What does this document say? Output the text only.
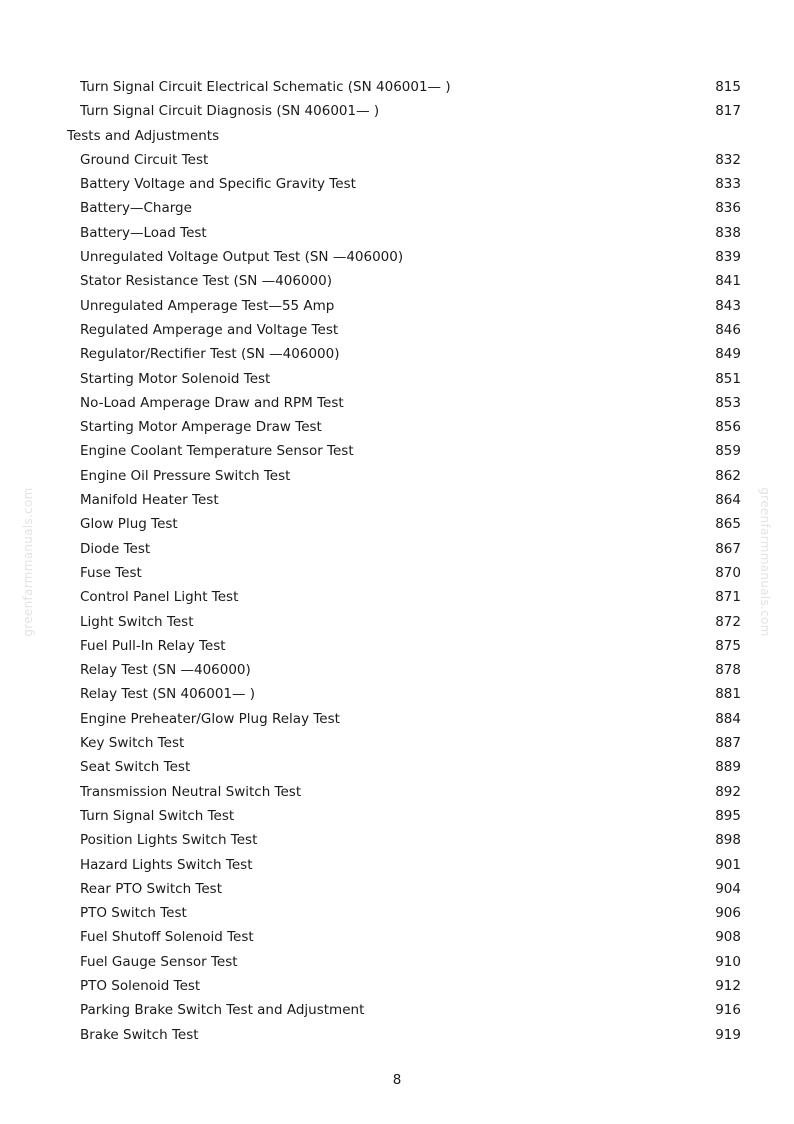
Turn Signal Circuit Electrical Schematic (SN 406001— )	815
Turn Signal Circuit Diagnosis (SN 406001— )	817
Tests and Adjustments
Ground Circuit Test	832
Battery Voltage and Specific Gravity Test	833
Battery—Charge	836
Battery—Load Test	838
Unregulated Voltage Output Test (SN —406000)	839
Stator Resistance Test (SN —406000)	841
Unregulated Amperage Test—55 Amp	843
Regulated Amperage and Voltage Test	846
Regulator/Rectifier Test (SN —406000)	849
Starting Motor Solenoid Test	851
No-Load Amperage Draw and RPM Test	853
Starting Motor Amperage Draw Test	856
Engine Coolant Temperature Sensor Test	859
Engine Oil Pressure Switch Test	862
Manifold Heater Test	864
Glow Plug Test	865
Diode Test	867
Fuse Test	870
Control Panel Light Test	871
Light Switch Test	872
Fuel Pull-In Relay Test	875
Relay Test (SN —406000)	878
Relay Test (SN 406001— )	881
Engine Preheater/Glow Plug Relay Test	884
Key Switch Test	887
Seat Switch Test	889
Transmission Neutral Switch Test	892
Turn Signal Switch Test	895
Position Lights Switch Test	898
Hazard Lights Switch Test	901
Rear PTO Switch Test	904
PTO Switch Test	906
Fuel Shutoff Solenoid Test	908
Fuel Gauge Sensor Test	910
PTO Solenoid Test	912
Parking Brake Switch Test and Adjustment	916
Brake Switch Test	919
greenfarmmanuals.com	greenfarmmanuals.com
8
